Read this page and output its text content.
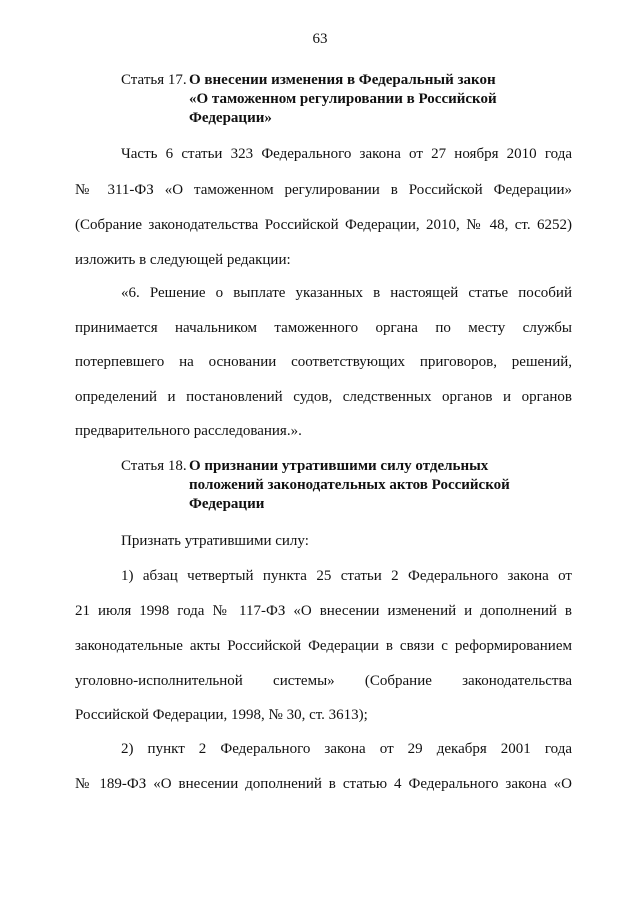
63
Статья 17. О внесении изменения в Федеральный закон
«О таможенном регулировании в Российской
Федерации»
Часть 6 статьи 323 Федерального закона от 27 ноября 2010 года
№ 311-ФЗ «О таможенном регулировании в Российской Федерации»
(Собрание законодательства Российской Федерации, 2010, № 48, ст. 6252)
изложить в следующей редакции:
«6. Решение о выплате указанных в настоящей статье пособий
принимается начальником таможенного органа по месту службы
потерпевшего на основании соответствующих приговоров, решений,
определений и постановлений судов, следственных органов и органов
предварительного расследования.».
Статья 18. О признании утратившими силу отдельных
положений законодательных актов Российской
Федерации
Признать утратившими силу:
1) абзац четвертый пункта 25 статьи 2 Федерального закона от
21 июля 1998 года № 117-ФЗ «О внесении изменений и дополнений в
законодательные акты Российской Федерации в связи с реформированием
уголовно-исполнительной системы» (Собрание законодательства
Российской Федерации, 1998, № 30, ст. 3613);
2) пункт 2 Федерального закона от 29 декабря 2001 года
№ 189-ФЗ «О внесении дополнений в статью 4 Федерального закона «О
